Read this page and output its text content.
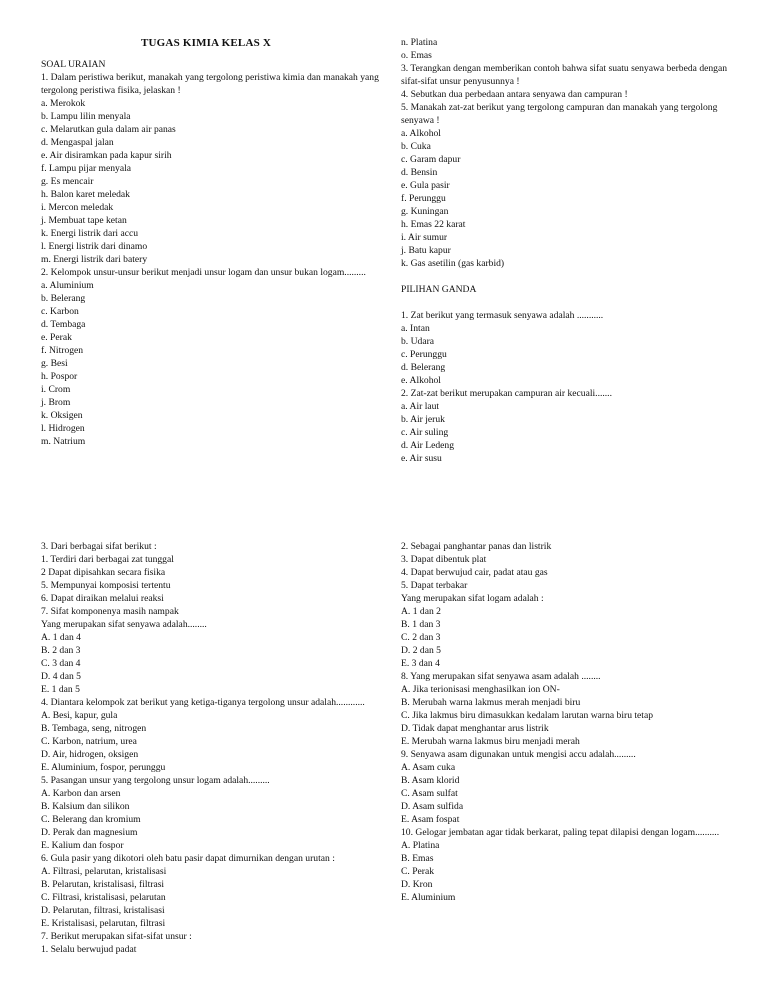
TUGAS KIMIA KELAS X
SOAL URAIAN
1. Dalam peristiwa berikut, manakah yang tergolong peristiwa kimia dan manakah yang tergolong peristiwa fisika, jelaskan !
a. Merokok
b. Lampu lilin menyala
c. Melarutkan gula dalam air panas
d. Mengaspal jalan
e. Air disiramkan pada kapur sirih
f. Lampu pijar menyala
g. Es mencair
h. Balon karet meledak
i. Mercon meledak
j. Membuat tape ketan
k. Energi listrik dari accu
l. Energi listrik dari dinamo
m. Energi listrik dari batery
2. Kelompok unsur-unsur berikut menjadi unsur logam dan unsur bukan logam.........
a. Aluminium
b. Belerang
c. Karbon
d. Tembaga
e. Perak
f. Nitrogen
g. Besi
h. Pospor
i. Crom
j. Brom
k. Oksigen
l. Hidrogen
m. Natrium
n. Platina
o. Emas
3. Terangkan dengan memberikan contoh bahwa sifat suatu senyawa berbeda dengan sifat-sifat unsur penyusunnya !
4. Sebutkan dua perbedaan antara senyawa dan campuran !
5. Manakah zat-zat berikut yang tergolong campuran dan manakah yang tergolong senyawa !
a. Alkohol
b. Cuka
c. Garam dapur
d. Bensin
e. Gula pasir
f. Perunggu
g. Kuningan
h. Emas 22 karat
i. Air sumur
j. Batu kapur
k. Gas asetilin (gas karbid)
PILIHAN GANDA
1. Zat berikut yang termasuk senyawa adalah ...........
a. Intan
b. Udara
c. Perunggu
d. Belerang
e. Alkohol
2. Zat-zat berikut merupakan campuran air kecuali.......
a. Air laut
b. Air jeruk
c. Air suling
d. Air Ledeng
e. Air susu
3. Dari berbagai sifat berikut :
1. Terdiri dari berbagai zat tunggal
2 Dapat dipisahkan secara fisika
5. Mempunyai komposisi tertentu
6. Dapat diraikan melalui reaksi
7. Sifat komponenya masih nampak
Yang merupakan sifat senyawa adalah........
A. 1 dan 4
B. 2 dan 3
C. 3 dan 4
D. 4 dan 5
E. 1 dan 5
4. Diantara kelompok zat berikut yang ketiga-tiganya tergolong unsur adalah............
A. Besi, kapur, gula
B. Tembaga, seng, nitrogen
C. Karbon, natrium, urea
D. Air, hidrogen, oksigen
E. Aluminium, fospor, perunggu
5. Pasangan unsur yang tergolong unsur logam adalah.........
A. Karbon dan arsen
B. Kalsium dan silikon
C. Belerang dan kromium
D. Perak dan magnesium
E. Kalium dan fospor
6. Gula pasir yang dikotori oleh batu pasir dapat dimurnikan dengan urutan :
A. Filtrasi, pelarutan, kristalisasi
B. Pelarutan, kristalisasi, filtrasi
C. Filtrasi, kristalisasi, pelarutan
D. Pelarutan, filtrasi, kristalisasi
E. Kristalisasi, pelarutan, filtrasi
7. Berikut merupakan sifat-sifat unsur :
1. Selalu berwujud padat
2. Sebagai panghantar panas dan listrik
3. Dapat dibentuk plat
4. Dapat berwujud cair, padat atau gas
5. Dapat terbakar
Yang merupakan sifat logam adalah :
A. 1 dan 2
B. 1 dan 3
C. 2 dan 3
D. 2 dan 5
E. 3 dan 4
8. Yang merupakan sifat senyawa asam adalah ........
A. Jika terionisasi menghasilkan ion ON-
B. Merubah warna lakmus merah menjadi biru
C. Jika lakmus biru dimasukkan kedalam larutan warna biru tetap
D. Tidak dapat menghantar arus listrik
E. Merubah warna lakmus biru menjadi merah
9. Senyawa asam digunakan untuk mengisi accu adalah.........
A. Asam cuka
B. Asam klorid
C. Asam sulfat
D. Asam sulfida
E. Asam fospat
10. Gelogar jembatan agar tidak berkarat, paling tepat dilapisi dengan logam..........
A. Platina
B. Emas
C. Perak
D. Kron
E. Aluminium
